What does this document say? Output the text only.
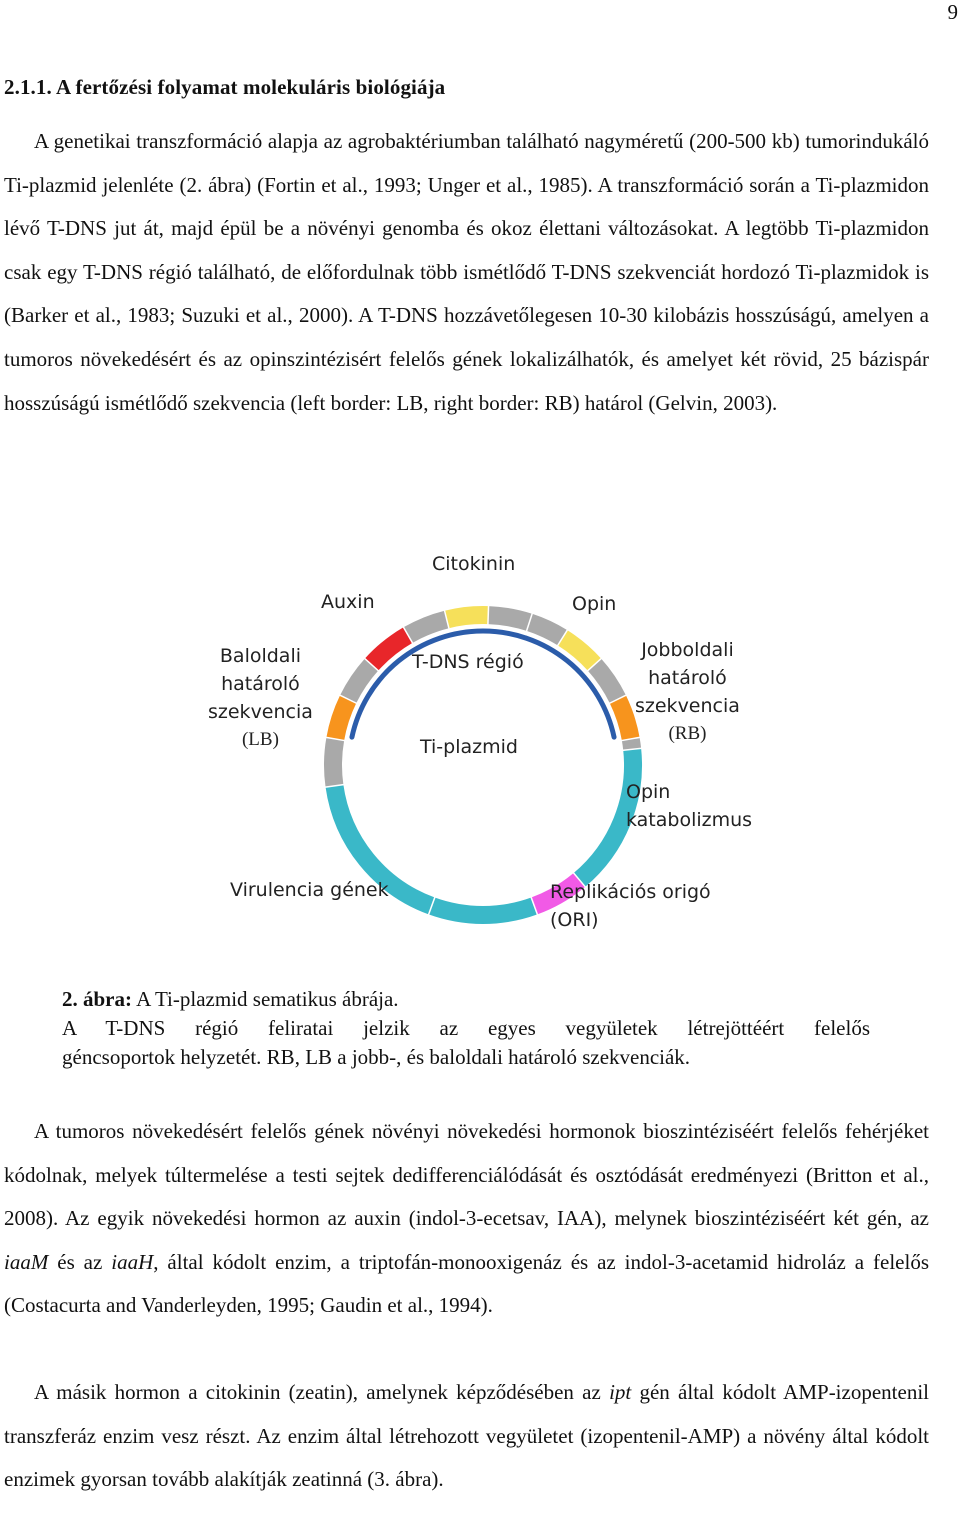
9
2.1.1. A fertőzési folyamat molekuláris biológiája
A genetikai transzformáció alapja az agrobaktériumban található nagyméretű (200-500 kb) tumorindukáló Ti-plazmid jelenléte (2. ábra) (Fortin et al., 1993; Unger et al., 1985). A transzformáció során a Ti-plazmidon lévő T-DNS jut át, majd épül be a növényi genomba és okoz élettani változásokat. A legtöbb Ti-plazmidon csak egy T-DNS régió található, de előfordulnak több ismétlődő T-DNS szekvenciát hordozó Ti-plazmidok is (Barker et al., 1983; Suzuki et al., 2000). A T-DNS hozzávetőlegesen 10-30 kilobázis hosszúságú, amelyen a tumoros növekedésért és az opinszintézisért felelős gének lokalizálhatók, és amelyet két rövid, 25 bázispár hosszúságú ismétlődő szekvencia (left border: LB, right border: RB) határol (Gelvin, 2003).
Citokinin
Auxin	Opin
Baloldali
határoló
szekvencia
(LB)
Jobboldali
határoló
szekvencia
(RB)
T-DNS régió
Ti-plazmid
Opin
katabolizmus
Virulencia gének	Replikációs origó
(ORI)
2. ábra: A Ti-plazmid sematikus ábrája.
A T-DNS régió feliratai jelzik az egyes vegyületek létrejöttéért felelős
géncsoportok helyzetét. RB, LB a jobb-, és baloldali határoló szekvenciák.
A tumoros növekedésért felelős gének növényi növekedési hormonok bioszintéziséért felelős fehérjéket kódolnak, melyek túltermelése a testi sejtek dedifferenciálódását és osztódását eredményezi (Britton et al., 2008). Az egyik növekedési hormon az auxin (indol-3-ecetsav, IAA), melynek bioszintéziséért két gén, az iaaM és az iaaH, által kódolt enzim, a triptofán-monooxigenáz és az indol-3-acetamid hidroláz a felelős (Costacurta and Vanderleyden, 1995; Gaudin et al., 1994).
A másik hormon a citokinin (zeatin), amelynek képződésében az ipt gén által kódolt AMP-izopentenil transzferáz enzim vesz részt. Az enzim által létrehozott vegyületet (izopentenil-AMP) a növény által kódolt enzimek gyorsan tovább alakítják zeatinná (3. ábra).
